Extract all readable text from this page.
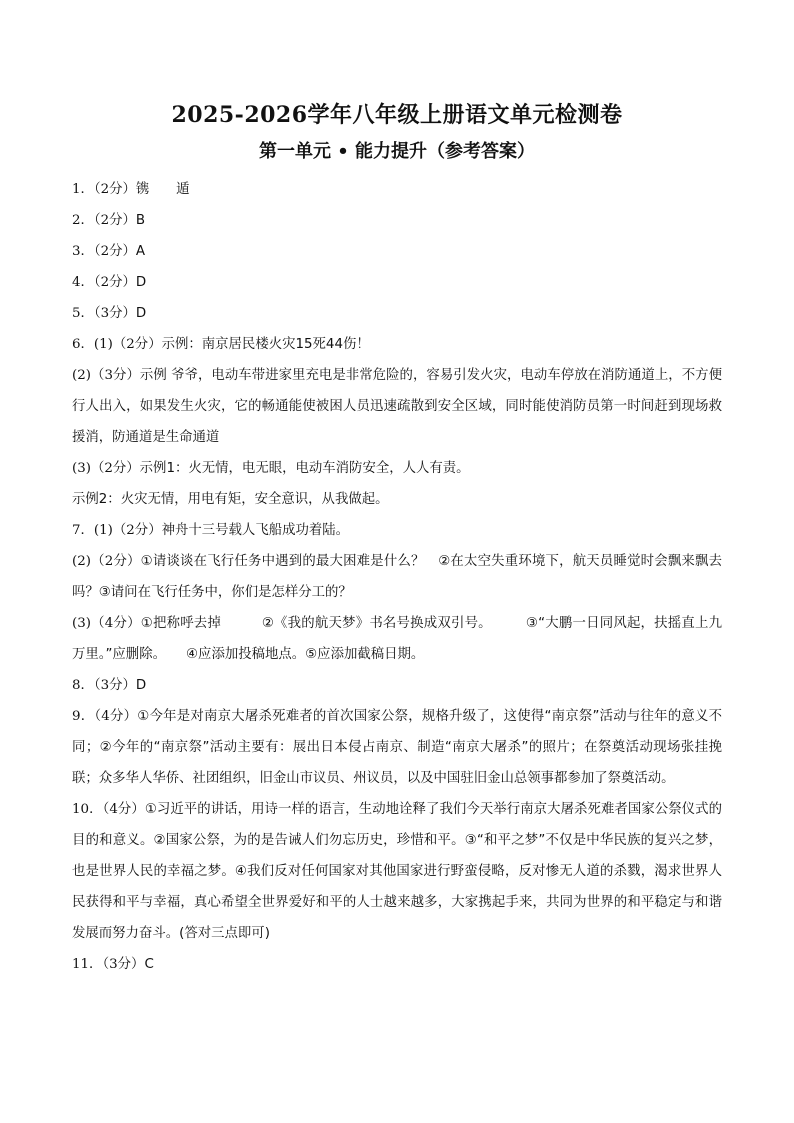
2025-2026学年八年级上册语文单元检测卷
第一单元 • 能力提升（参考答案）

1．（2分）镌　　遁

2．（2分）B

3．（2分）A

4．（2分）D

5．（3分）D

6．(1)（2分）示例：南京居民楼火灾15死44伤！

(2)（3分）示例 爷爷，电动车带进家里充电是非常危险的，容易引发火灾，电动车停放在消防通道上，不方便行人出入，如果发生火灾，它的畅通能使被困人员迅速疏散到安全区域，同时能使消防员第一时间赶到现场救援消，防通道是生命通道

(3)（2分）示例1：火无情，电无眼，电动车消防安全，人人有责。

示例2：火灾无情，用电有矩，安全意识，从我做起。

7．(1)（2分）神舟十三号载人飞船成功着陆。

(2)（2分）①请谈谈在飞行任务中遇到的最大困难是什么？　②在太空失重环境下，航天员睡觉时会飘来飘去吗？③请问在飞行任务中，你们是怎样分工的？

(3)（4分）①把称呼去掉　　　②《我的航天梦》书名号换成双引号。　　　③“大鹏一日同风起，扶摇直上九万里。”应删除。　　④应添加投稿地点。⑤应添加截稿日期。

8．（3分）D

9．（4分）①今年是对南京大屠杀死难者的首次国家公祭，规格升级了，这使得“南京祭”活动与往年的意义不同；②今年的“南京祭”活动主要有：展出日本侵占南京、制造“南京大屠杀”的照片；在祭奠活动现场张挂挽联；众多华人华侨、社团组织，旧金山市议员、州议员，以及中国驻旧金山总领事都参加了祭奠活动。

10．（4分）①习近平的讲话，用诗一样的语言，生动地诠释了我们今天举行南京大屠杀死难者国家公祭仪式的目的和意义。②国家公祭，为的是告诫人们勿忘历史，珍惜和平。③“和平之梦”不仅是中华民族的复兴之梦，也是世界人民的幸福之梦。④我们反对任何国家对其他国家进行野蛮侵略，反对惨无人道的杀戮，渴求世界人民获得和平与幸福，真心希望全世界爱好和平的人士越来越多，大家携起手来，共同为世界的和平稳定与和谐发展而努力奋斗。(答对三点即可)

11．（3分）C
